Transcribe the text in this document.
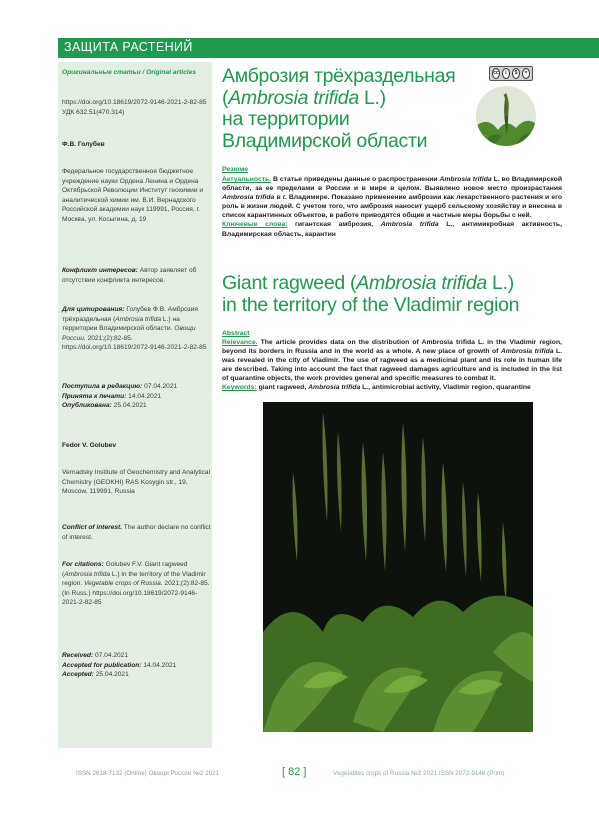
ЗАЩИТА РАСТЕНИЙ
Оригинальные статьи / Original articles
https://doi.org/10.18619/2072-9146-2021-2-82-85
УДК 632.51(470.314)
Ф.В. Голубев
Федеральное государственное бюджетное учреждение науки Ордена Ленина и Ордена Октябрьской Революции Институт геохимии и аналитической химии им. В.И. Вернадского Российской академии наук 119991, Россия, г. Москва, ул. Косыгина, д. 19
Конфликт интересов: Автор заявляет об отсутствии конфликта интересов.
Для цитирования: Голубев Ф.В. Амброзия трёхраздельная (Ambrosia trifida L.) на территории Владимирской области. Овощи России. 2021;(2):82-85. https://doi.org/10.18619/2072-9146-2021-2-82-85
Поступила в редакцию: 07.04.2021
Принята к печати: 14.04.2021
Опубликована: 25.04.2021
Fedor V. Golubev
Vernadsky Institute of Geochemistry and Analytical Chemistry (GEOKHI) RAS Kosygin str., 19, Moscow, 119991, Russia
Conflict of interest. The author declare no conflict of interest.
For citations: Golubev F.V. Giant ragweed (Ambrosia trifida L.) in the territory of the Vladimir region. Vegetable crops of Russia. 2021;(2):82-85. (In Russ.) https://doi.org/10.18619/2072-9146-2021-2-82-85
Received: 07.04.2021
Accepted for publication: 14.04.2021
Accepted: 25.04.2021
Амброзия трёхраздельная
(Ambrosia trifida L.)
на территории
Владимирской области
cc	i	$	=
Резюме
Актуальность. В статье приведены данные о распространении Ambrosia trifida L. во Владимирской области, за ее пределами в России и в мире в целом. Выявлено новое место произрастания Ambrosia trifida в г. Владимире. Показано применение амброзии как лекарственного растения и его роль в жизни людей. С учетом того, что амброзия наносит ущерб сельскому хозяйству и внесена в список карантинных объектов, в работе приводятся общие и частные меры борьбы с ней.
Ключевые слова: гигантская амброзия, Ambrosia trifida L., антимикробная активность, Владимирская область, карантин
Giant ragweed (Ambrosia trifida L.)
in the territory of the Vladimir region
Abstract
Relevance. The article provides data on the distribution of Ambrosia trifida L. in the Vladimir region, beyond its borders in Russia and in the world as a whole. A new place of growth of Ambrosia trifida L. was revealed in the city of Vladimir. The use of ragweed as a medicinal plant and its role in human life are described. Taking into account the fact that ragweed damages agriculture and is included in the list of quarantine objects, the work provides general and specific measures to combat it.
Keywords: giant ragweed, Ambrosia trifida L., antimicrobial activity, Vladimir region, quarantine
ISSN 2618-7132 (Online) Овощи России №2 2021	[ 82 ]	Vegetables crops of Russia №2 2021 ISSN 2072-9146 (Print)
